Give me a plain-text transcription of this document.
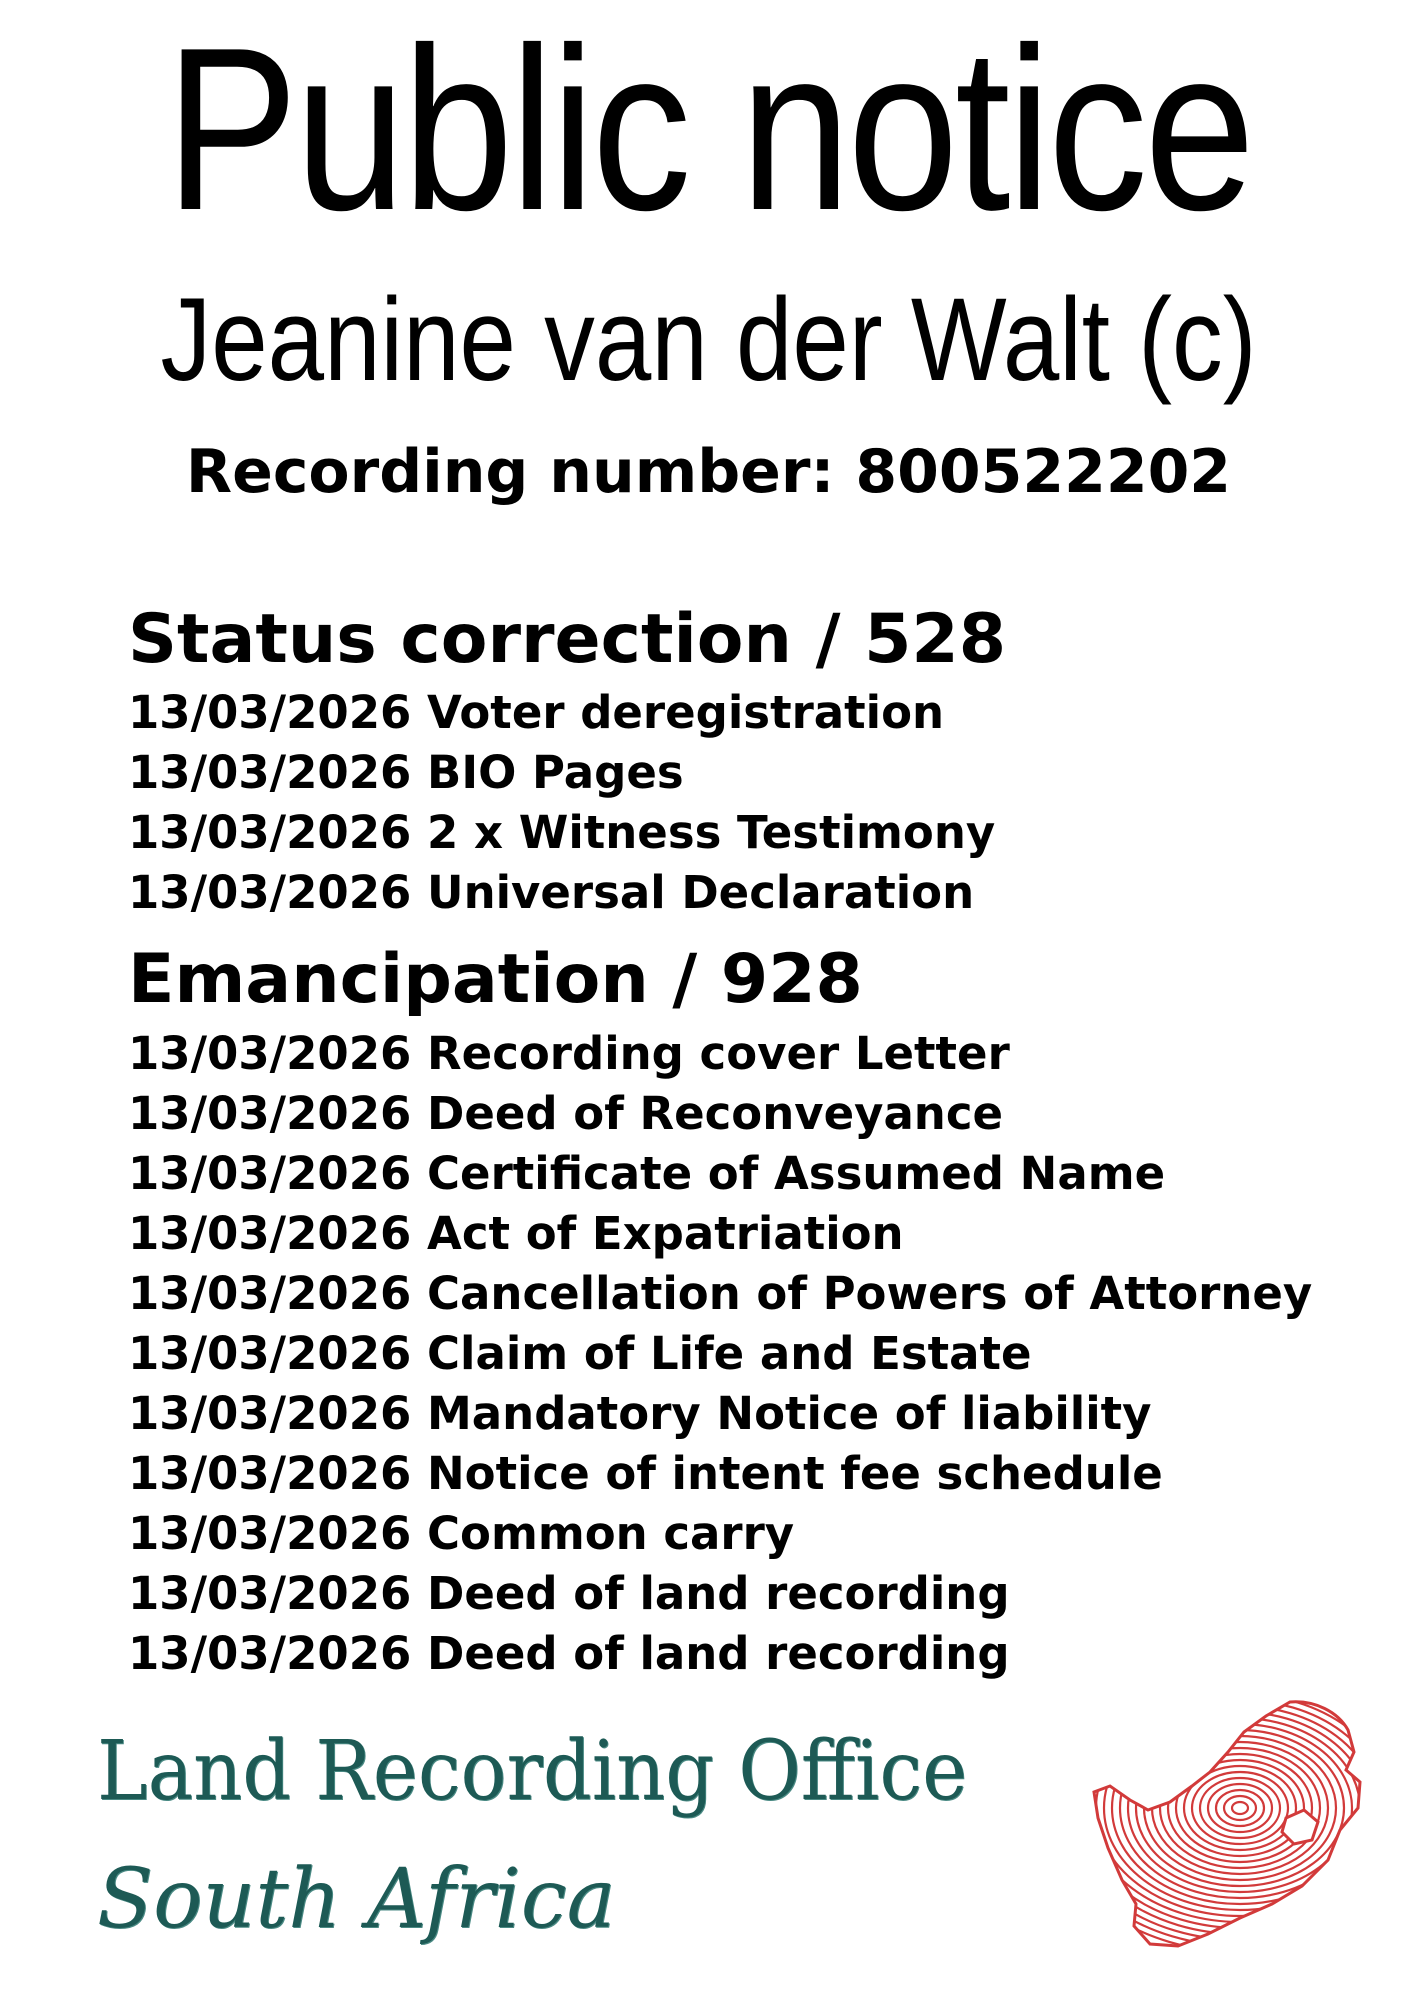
Public notice
Jeanine van der Walt (c)
Recording number: 800522202
Status correction / 528
13/03/2026 Voter deregistration
13/03/2026 BIO Pages
13/03/2026 2 x Witness Testimony
13/03/2026 Universal Declaration
Emancipation / 928
13/03/2026 Recording cover Letter
13/03/2026 Deed of Reconveyance
13/03/2026 Certificate of Assumed Name
13/03/2026 Act of Expatriation
13/03/2026 Cancellation of Powers of Attorney
13/03/2026 Claim of Life and Estate
13/03/2026 Mandatory Notice of liability
13/03/2026 Notice of intent fee schedule
13/03/2026 Common carry
13/03/2026 Deed of land recording
13/03/2026 Deed of land recording
Land Recording Office
South Africa
